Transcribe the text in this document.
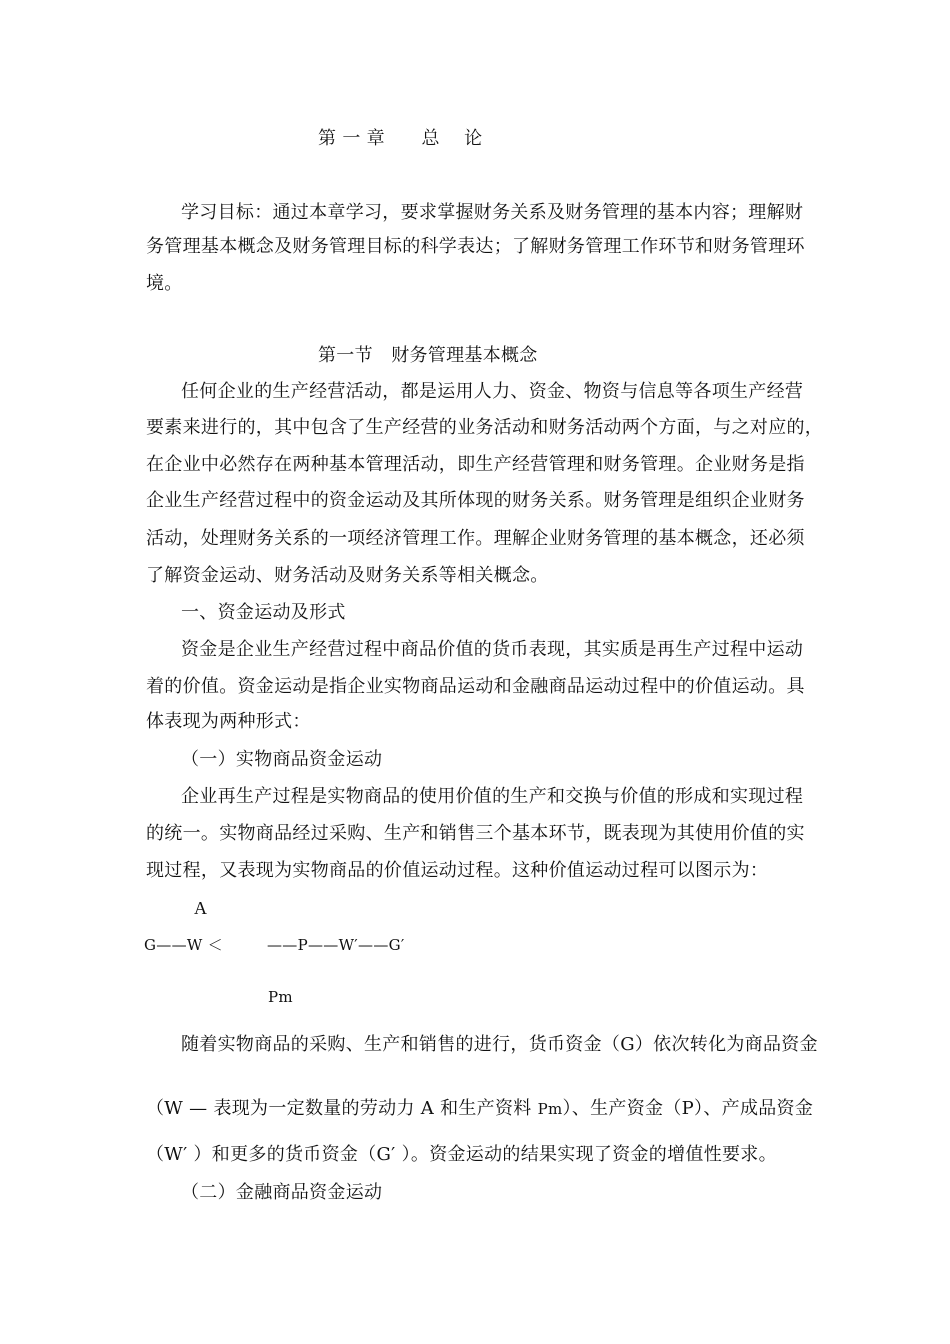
第 一 章　　总　 论
学习目标：通过本章学习，要求掌握财务关系及财务管理的基本内容；理解财
务管理基本概念及财务管理目标的科学表达；了解财务管理工作环节和财务管理环
境。
第一节　财务管理基本概念
任何企业的生产经营活动，都是运用人力、资金、物资与信息等各项生产经营
要素来进行的，其中包含了生产经营的业务活动和财务活动两个方面，与之对应的，
在企业中必然存在两种基本管理活动，即生产经营管理和财务管理。企业财务是指
企业生产经营过程中的资金运动及其所体现的财务关系。财务管理是组织企业财务
活动，处理财务关系的一项经济管理工作。理解企业财务管理的基本概念，还必须
了解资金运动、财务活动及财务关系等相关概念。
一、资金运动及形式
资金是企业生产经营过程中商品价值的货币表现，其实质是再生产过程中运动
着的价值。资金运动是指企业实物商品运动和金融商品运动过程中的价值运动。具
体表现为两种形式：
（一）实物商品资金运动
企业再生产过程是实物商品的使用价值的生产和交换与价值的形成和实现过程
的统一。实物商品经过采购、生产和销售三个基本环节，既表现为其使用价值的实
现过程，又表现为实物商品的价值运动过程。这种价值运动过程可以图示为：
A
G——W ＜	——P——W′——G′
Pm
随着实物商品的采购、生产和销售的进行，货币资金（G）依次转化为商品资金
（W — 表现为一定数量的劳动力 A 和生产资料 Pm）、生产资金（P）、产成品资金
（W′ ）和更多的货币资金（G′ ）。资金运动的结果实现了资金的增值性要求。
（二）金融商品资金运动
